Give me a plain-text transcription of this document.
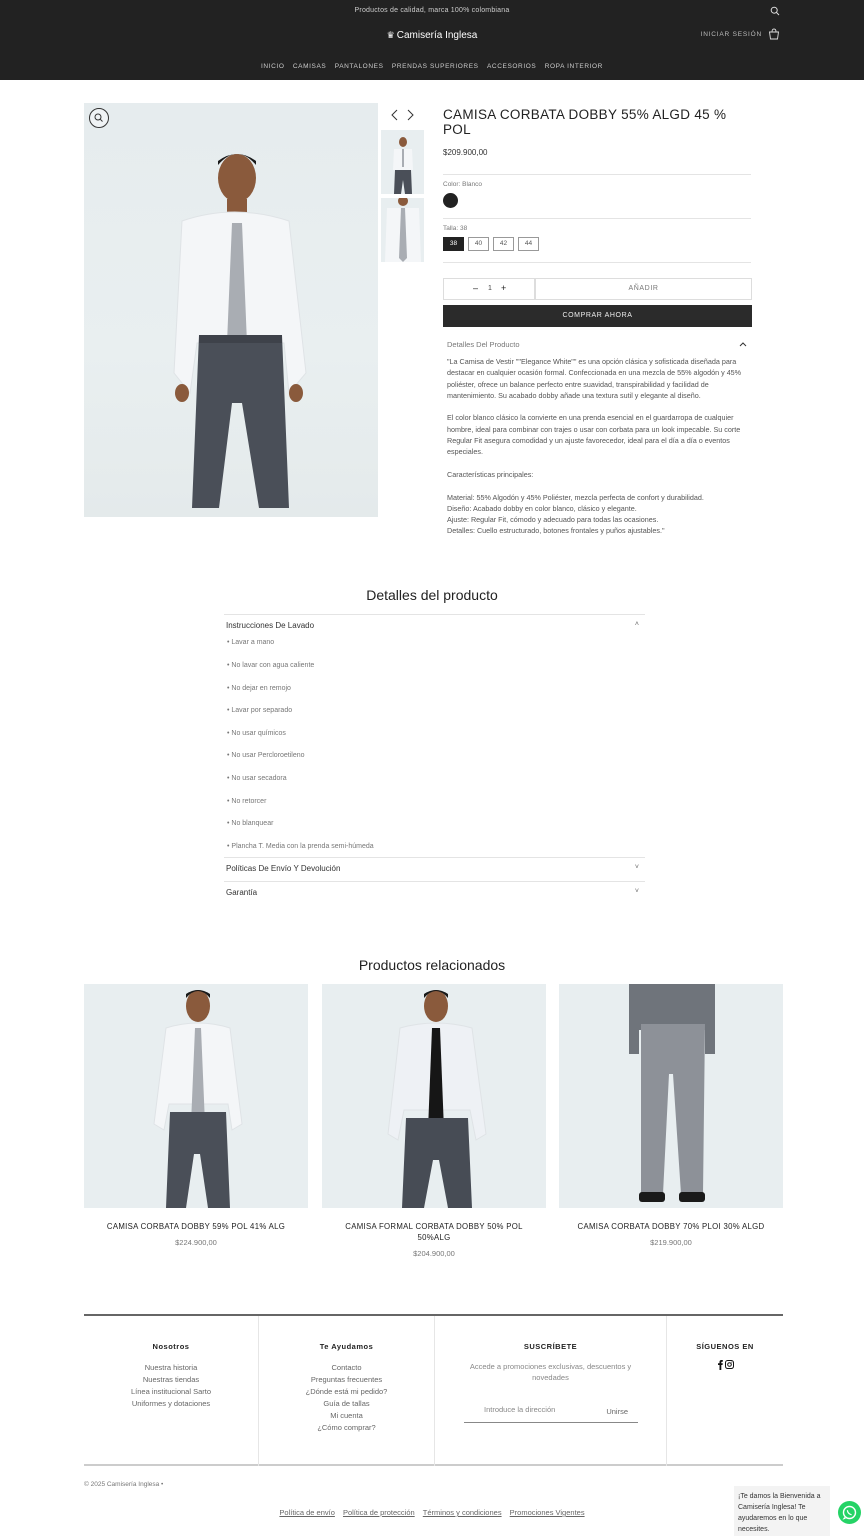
Productos de calidad, marca 100% colombiana
♛ Camisería Inglesa	INICIAR SESIÓN
INICIO CAMISAS PANTALONES PRENDAS SUPERIORES ACCESORIOS ROPA INTERIOR
CAMISA CORBATA DOBBY 55% ALGD 45 % POL
$209.900,00
Color: Blanco
Talla: 38
38	40	42	44
– 1 +	AÑADIR
COMPRAR AHORA
Detalles Del Producto

"La Camisa de Vestir ""Elegance White"" es una opción clásica y sofisticada diseñada para destacar en cualquier ocasión formal. Confeccionada en una mezcla de 55% algodón y 45% poliéster, ofrece un balance perfecto entre suavidad, transpirabilidad y facilidad de mantenimiento. Su acabado dobby añade una textura sutil y elegante al diseño.

El color blanco clásico la convierte en una prenda esencial en el guardarropa de cualquier hombre, ideal para combinar con trajes o usar con corbata para un look impecable. Su corte Regular Fit asegura comodidad y un ajuste favorecedor, ideal para el día a día o eventos especiales.

Características principales:

Material: 55% Algodón y 45% Poliéster, mezcla perfecta de confort y durabilidad.
Diseño: Acabado dobby en color blanco, clásico y elegante.
Ajuste: Regular Fit, cómodo y adecuado para todas las ocasiones.
Detalles: Cuello estructurado, botones frontales y puños ajustables."

Detalles del producto
Instrucciones De Lavado	˄
• Lavar a mano
• No lavar con agua caliente
• No dejar en remojo
• Lavar por separado
• No usar químicos
• No usar Percloroetileno
• No usar secadora
• No retorcer
• No blanquear
• Plancha T. Media con la prenda semi-húmeda
Políticas De Envío Y Devolución	˅
Garantía	˅
Productos relacionados
CAMISA CORBATA DOBBY 59% POL 41% ALG
$224.900,00
CAMISA FORMAL CORBATA DOBBY 50% POL 50%ALG
$204.900,00
CAMISA CORBATA DOBBY 70% PLOI 30% ALGD
$219.900,00
Nosotros
Nuestra historia
Nuestras tiendas
Línea institucional Sarto
Uniformes y dotaciones
Te Ayudamos
Contacto
Preguntas frecuentes
¿Dónde está mi pedido?
Guía de tallas
Mi cuenta
¿Cómo comprar?
SUSCRÍBETE
Accede a promociones exclusivas, descuentos y novedades
Introduce la dirección	Unirse
SÍGUENOS EN
© 2025 Camisería Inglesa •
Política de envío Política de protección Términos y condiciones Promociones Vigentes
¡Te damos la Bienvenida a Camisería Inglesa! Te ayudaremos en lo que necesites.
